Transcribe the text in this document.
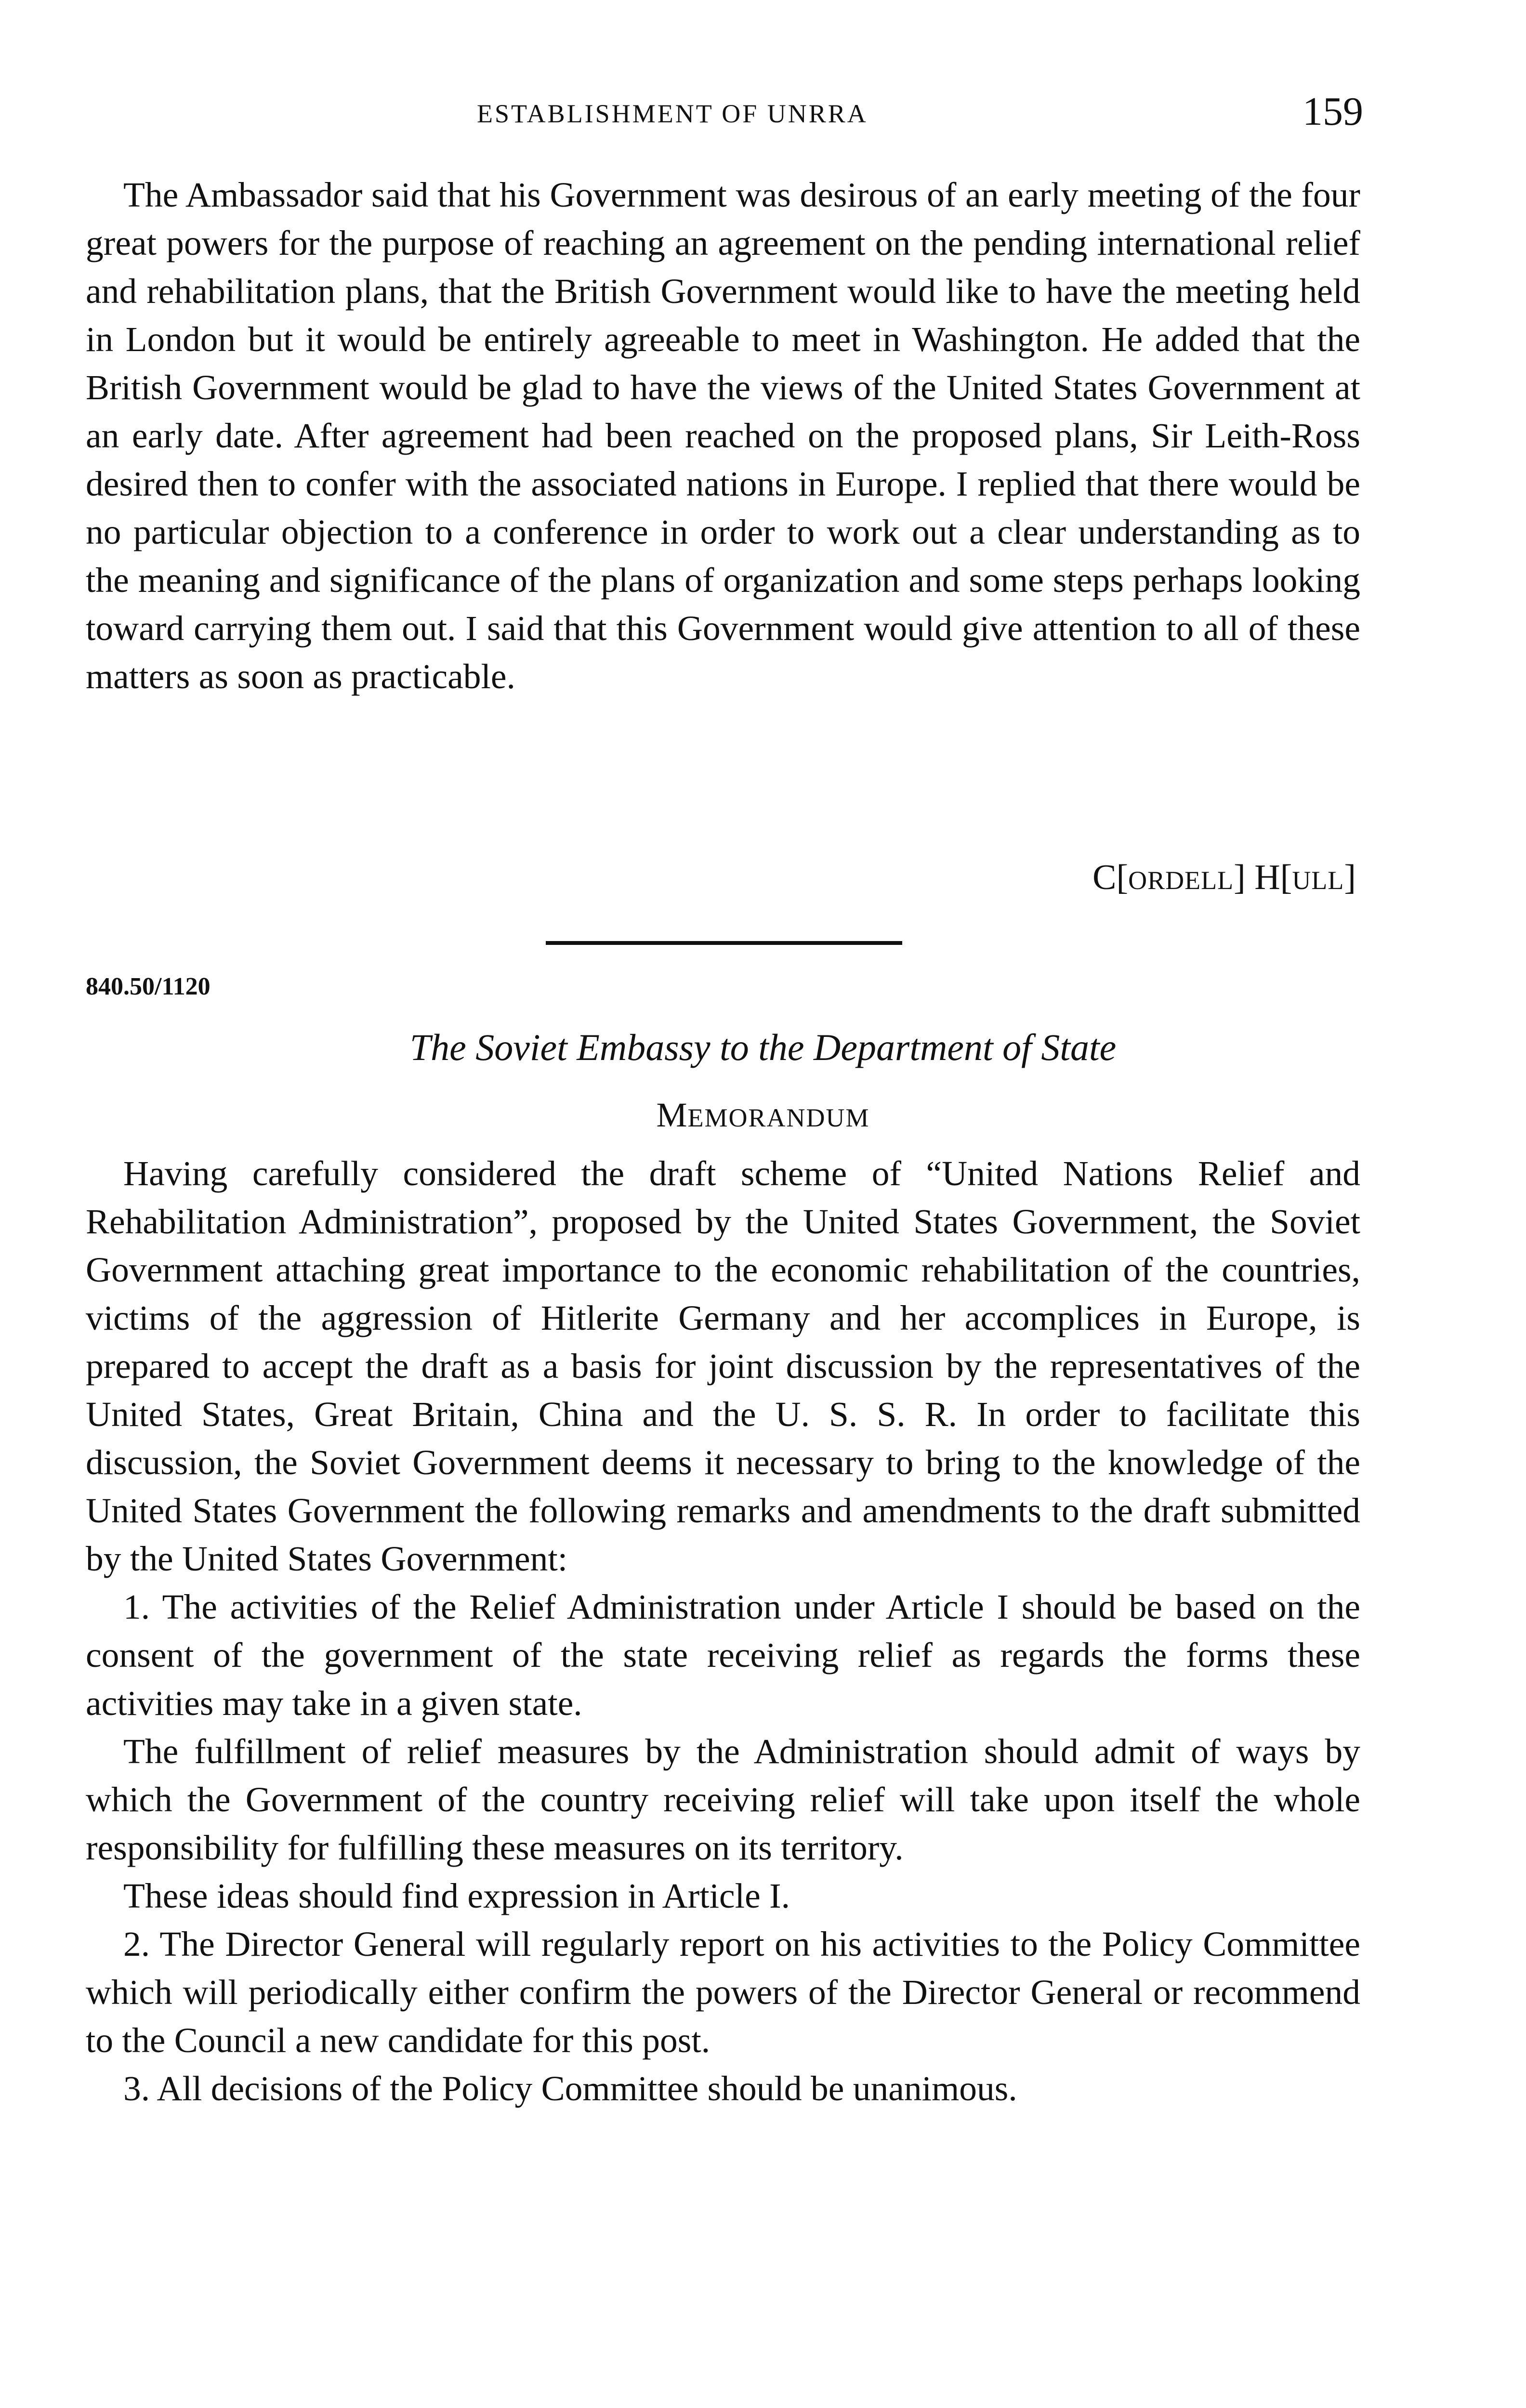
ESTABLISHMENT OF UNRRA	159

The Ambassador said that his Government was desirous of an early meeting of the four great powers for the purpose of reaching an agreement on the pending international relief and rehabilitation plans, that the British Government would like to have the meeting held in London but it would be entirely agreeable to meet in Washington. He added that the British Government would be glad to have the views of the United States Government at an early date. After agreement had been reached on the proposed plans, Sir Leith-Ross desired then to confer with the associated nations in Europe. I replied that there would be no particular objection to a conference in order to work out a clear understanding as to the meaning and significance of the plans of organization and some steps perhaps looking toward carrying them out. I said that this Government would give attention to all of these matters as soon as practicable.

C[ORDELL] H[ULL]
840.50/1120
The Soviet Embassy to the Department of State
MEMORANDUM

Having carefully considered the draft scheme of “United Nations Relief and Rehabilitation Administration”, proposed by the United States Government, the Soviet Government attaching great importance to the economic rehabilitation of the countries, victims of the aggression of Hitlerite Germany and her accomplices in Europe, is prepared to accept the draft as a basis for joint discussion by the representatives of the United States, Great Britain, China and the U. S. S. R. In order to facilitate this discussion, the Soviet Government deems it necessary to bring to the knowledge of the United States Government the following remarks and amendments to the draft submitted by the United States Government:

1. The activities of the Relief Administration under Article I should be based on the consent of the government of the state receiving relief as regards the forms these activities may take in a given state.

The fulfillment of relief measures by the Administration should admit of ways by which the Government of the country receiving relief will take upon itself the whole responsibility for fulfilling these measures on its territory.

These ideas should find expression in Article I.

2. The Director General will regularly report on his activities to the Policy Committee which will periodically either confirm the powers of the Director General or recommend to the Council a new candidate for this post.

3. All decisions of the Policy Committee should be unanimous.
